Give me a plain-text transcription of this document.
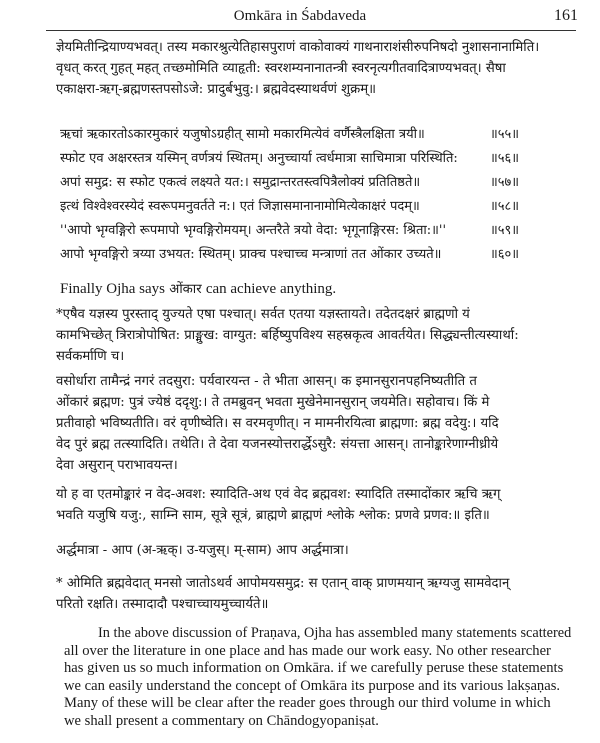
Omkāra in Śabdaveda	161
ज्ञेयमितीन्द्रियाण्यभवत्। तस्य मकारश्रुत्येतिहासपुराणं वाकोवाक्यं गाथनाराशंसीरुपनिषदो नुशासनानामिति।
वृधत् करत् गुहत् महत् तच्छमोमिति व्याहृती: स्वरशम्यनानातन्त्री स्वरनृत्यगीतवादित्राण्यभवत्। सैषा
एकाक्षरा-ऋग्-ब्रह्मणस्तपसोऽजे: प्रादुर्बभुवु:। ब्रह्मवेदस्याथर्वणं शुक्रम्॥
ऋचां ऋकारतोऽकारमुकारं यजुषोऽग्रहीत् सामो मकारमित्येवं वर्णैस्त्रैलक्षिता त्रयी॥	॥५५॥
स्फोट एव अक्षरस्तत्र यस्मिन् वर्णत्रयं स्थितम्। अनुच्चार्या त्वर्धमात्रा साचिमात्रा परिस्थिति: ॥५६॥
अपां समुद्र: स स्फोट एकत्वं लक्ष्यते यत:। समुद्रान्तरतस्त्वपित्रैलोक्यं प्रतितिष्ठते॥	॥५७॥
इत्थं विश्वेश्वरस्येदं स्वरूपमनुवर्तते न:। एतं जिज्ञासमानानामोमित्येकाक्षरं पदम्॥	॥५८॥
''आपो भृग्वङ्गिरो रूपमापो भृग्वङ्गिरोमयम्। अन्तरैते त्रयो वेदा: भृगूनाङ्गिरस: श्रिता:॥''	॥५९॥
आपो भृग्वङ्गिरो त्रय्या उभयत: स्थितम्। प्राक्च पश्चाच्च मन्त्राणां तत ओंकार उच्यते॥	॥६०॥
Finally Ojha says ओंकार can achieve anything.
*एषैव यज्ञस्य पुरस्ताद् युज्यते एषा पश्चात्। सर्वत एतया यज्ञस्तायते। तदेतदक्षरं ब्राह्मणो यं
कामभिच्छेत् त्रिरात्रोपोषित: प्राङ्मुख: वाग्युत: बर्हिष्युपविश्य सहस्रकृत्व आवर्तयेत। सिद्ध्यन्तीत्यस्यार्था:
सर्वकर्माणि च।
वसोर्धारा तामैन्द्रं नगरं तदसुरा: पर्यवारयन्त - ते भीता आसन्। क इमानसुरानपहनिष्यतीति त
ओंकारं ब्रह्मण: पुत्रं ज्येष्ठं ददृशु:। ते तमब्रुवन् भवता मुखेनेमानसुरान् जयमेति। सहोवाच। किं मे
प्रतीवाहो भविष्यतीति। वरं वृणीष्वेति। स वरमवृणीत्। न मामनीरयित्वा ब्राह्मणा: ब्रह्म वदेयु:। यदि
वेद पुरं ब्रह्म तत्स्यादिति। तथेति। ते देवा यजनस्योत्तरार्द्धेऽसुरै: संयत्ता आसन्। तानोङ्कारेणाग्नीध्रीये
देवा असुरान् पराभावयन्त।
यो ह वा एतमोङ्कारं न वेद-अवश: स्यादिति-अथ एवं वेद ब्रह्मवश: स्यादिति तस्मादोंकार ऋचि ऋग्
भवति यजुषि यजु:, साम्नि साम, सूत्रे सूत्रं, ब्राह्मणे ब्राह्मणं श्लोके श्लोक: प्रणवे प्रणव:॥ इति॥
अर्द्धमात्रा - आप (अ-ऋक्। उ-यजुस्। म्-साम) आप अर्द्धमात्रा।
* ओमिति ब्रह्मवेदात् मनसो जातोऽथर्व आपोमयसमुद्र: स एतान् वाक् प्राणमयान् ऋग्यजु सामवेदान्
परितो रक्षति। तस्मादादौ पश्चाच्चायमुच्चार्यते॥
In the above discussion of Praṇava, Ojha has assembled many statements scattered
all over the literature in one place and has made our work easy. No other researcher
has given us so much information on Omkāra. if we carefully peruse these statements
we can easily understand the concept of Omkāra its purpose and its various lakṣaṇas.
Many of these will be clear after the reader goes through our third volume in which
we shall present a commentary on Chāndogyopaniṣat.
